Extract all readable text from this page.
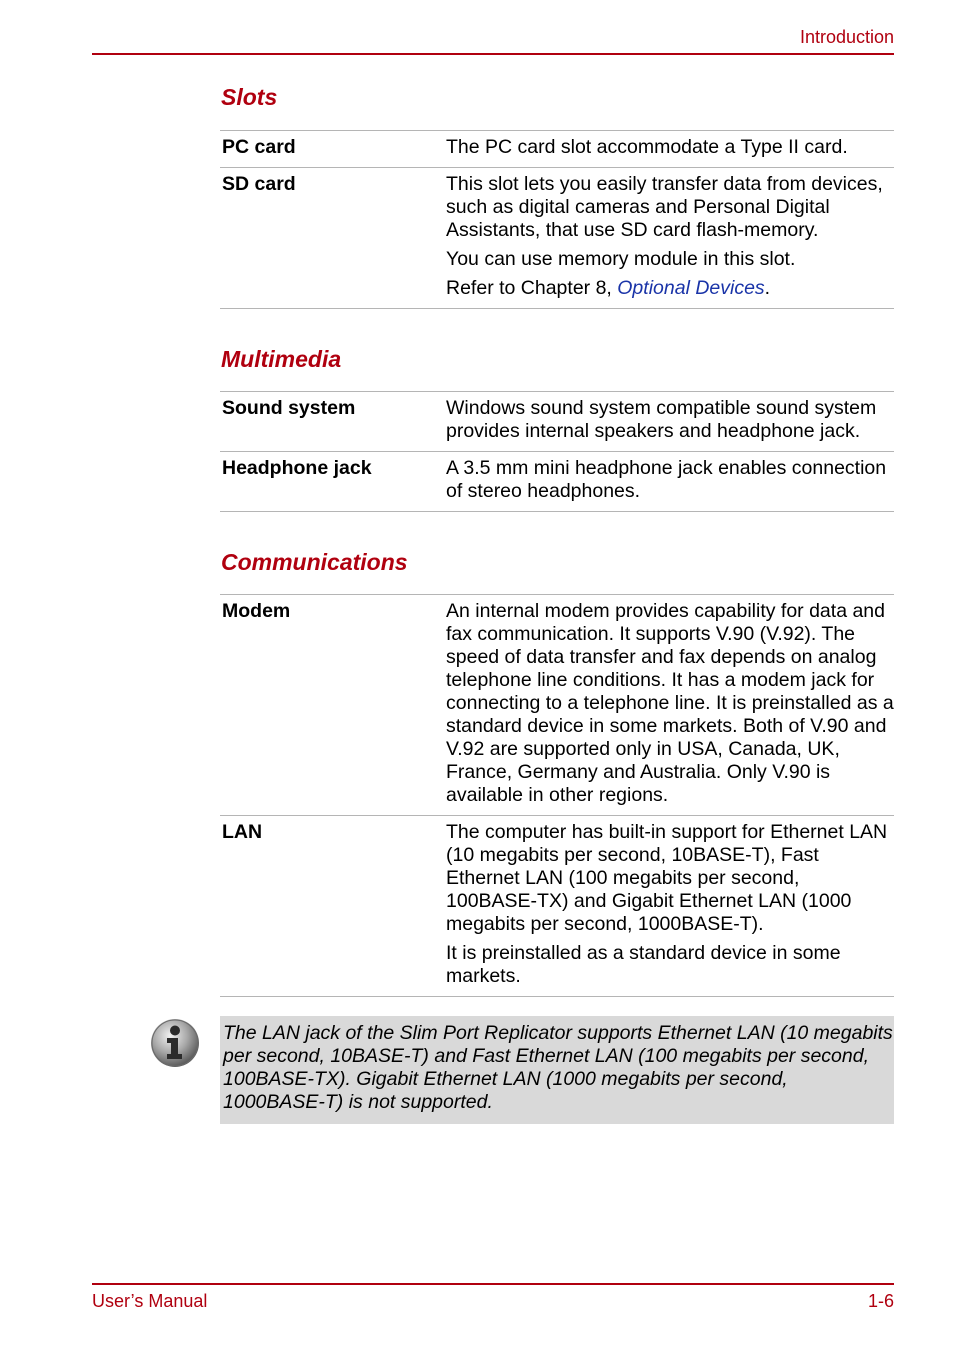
Introduction
Slots
PC card	The PC card slot accommodate a Type II card.

SD card	This slot lets you easily transfer data from devices, such as digital cameras and Personal Digital Assistants, that use SD card flash-memory.

You can use memory module in this slot.

Refer to Chapter 8, Optional Devices.

Multimedia
Sound system	Windows sound system compatible sound system provides internal speakers and headphone jack.

Headphone jack	A 3.5 mm mini headphone jack enables connection of stereo headphones.

Communications
Modem	An internal modem provides capability for data and fax communication. It supports V.90 (V.92). The speed of data transfer and fax depends on analog telephone line conditions. It has a modem jack for connecting to a telephone line. It is preinstalled as a standard device in some markets. Both of V.90 and V.92 are supported only in USA, Canada, UK, France, Germany and Australia. Only V.90 is available in other regions.

LAN	The computer has built-in support for Ethernet LAN (10 megabits per second, 10BASE-T), Fast Ethernet LAN (100 megabits per second, 100BASE-TX) and Gigabit Ethernet LAN (1000 megabits per second, 1000BASE-T).

It is preinstalled as a standard device in some markets.

The LAN jack of the Slim Port Replicator supports Ethernet LAN (10 megabits per second, 10BASE-T) and Fast Ethernet LAN (100 megabits per second, 100BASE-TX). Gigabit Ethernet LAN (1000 megabits per second, 1000BASE-T) is not supported.
User’s Manual	1-6
